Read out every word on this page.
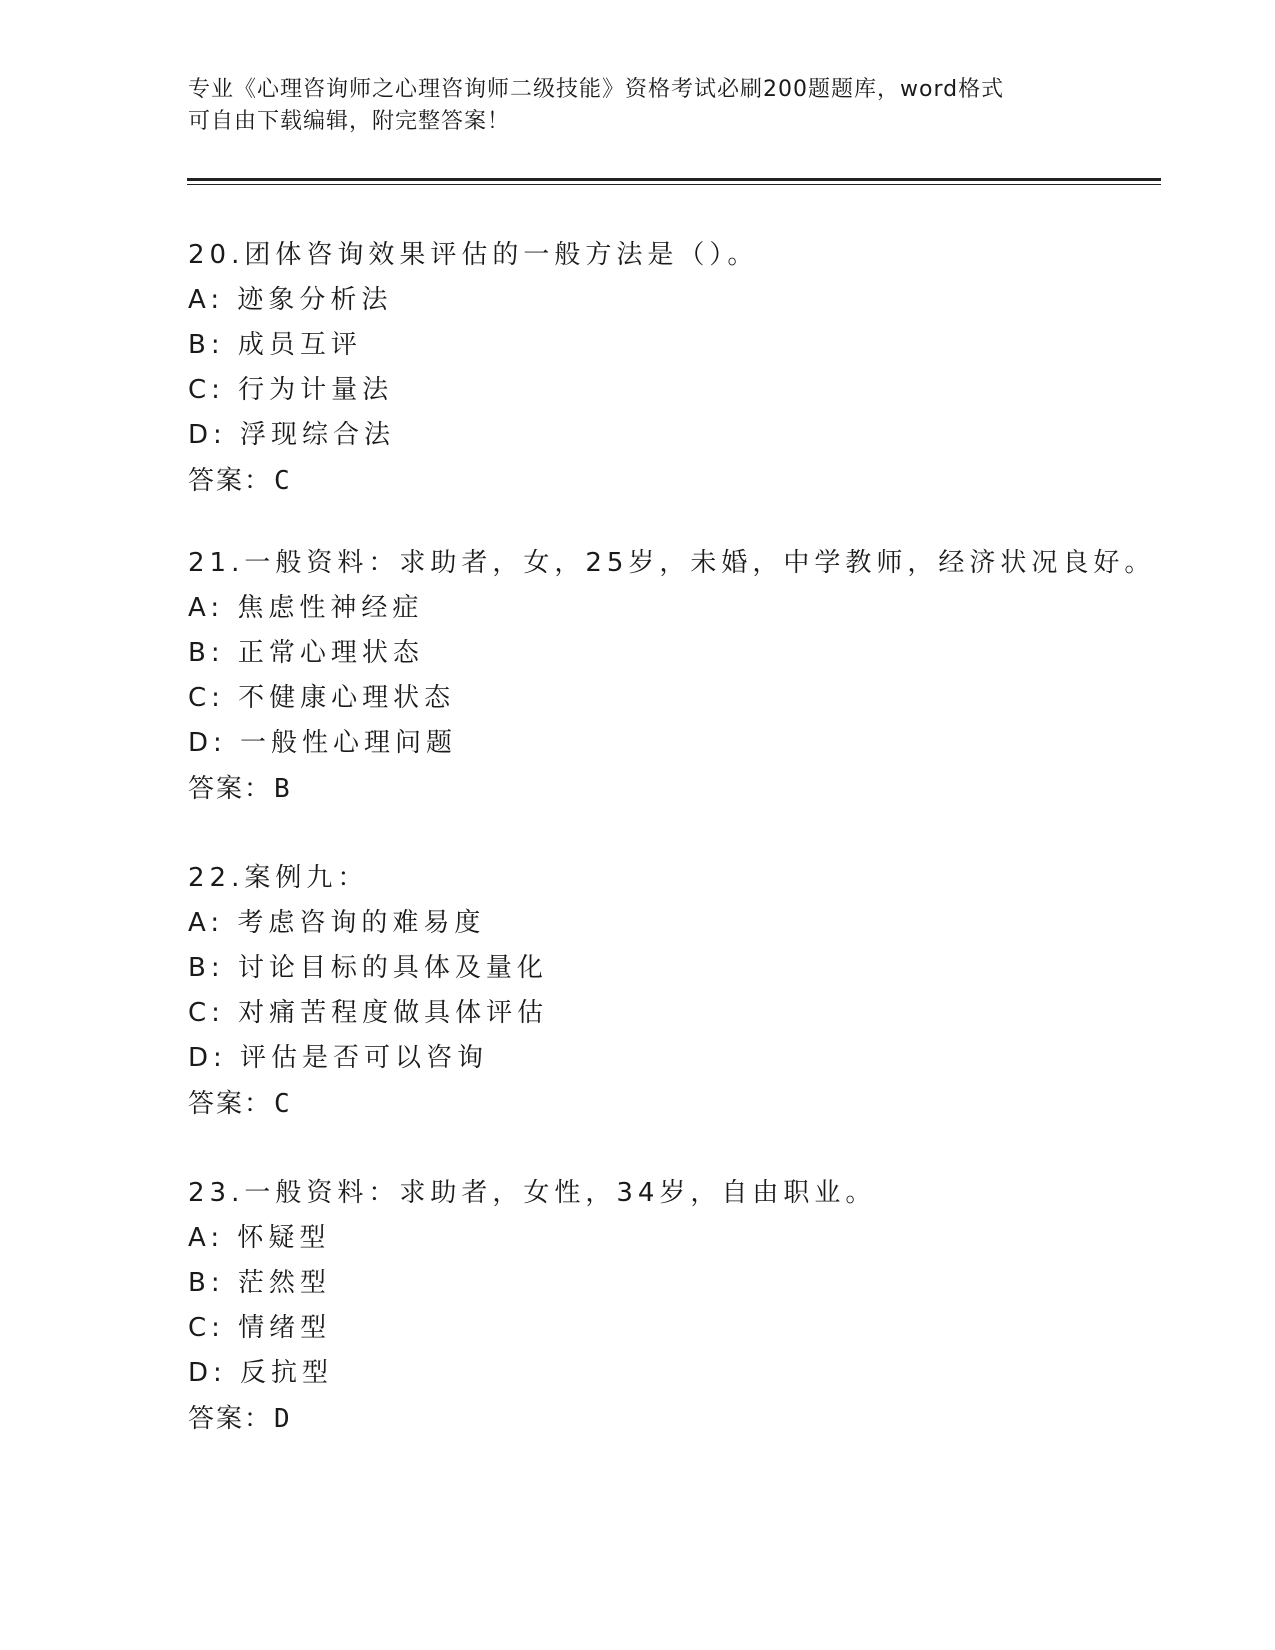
专业《心理咨询师之心理咨询师二级技能》资格考试必刷200题题库，word格式
可自由下载编辑，附完整答案！
20.团体咨询效果评估的一般方法是（）。
A: 迹象分析法
B: 成员互评
C: 行为计量法
D: 浮现综合法
答案：C
21.一般资料：求助者，女，25岁，未婚，中学教师，经济状况良好。
A: 焦虑性神经症
B: 正常心理状态
C: 不健康心理状态
D: 一般性心理问题
答案：B
22.案例九：
A: 考虑咨询的难易度
B: 讨论目标的具体及量化
C: 对痛苦程度做具体评估
D: 评估是否可以咨询
答案：C
23.一般资料：求助者，女性，34岁，自由职业。
A: 怀疑型
B: 茫然型
C: 情绪型
D: 反抗型
答案：D
